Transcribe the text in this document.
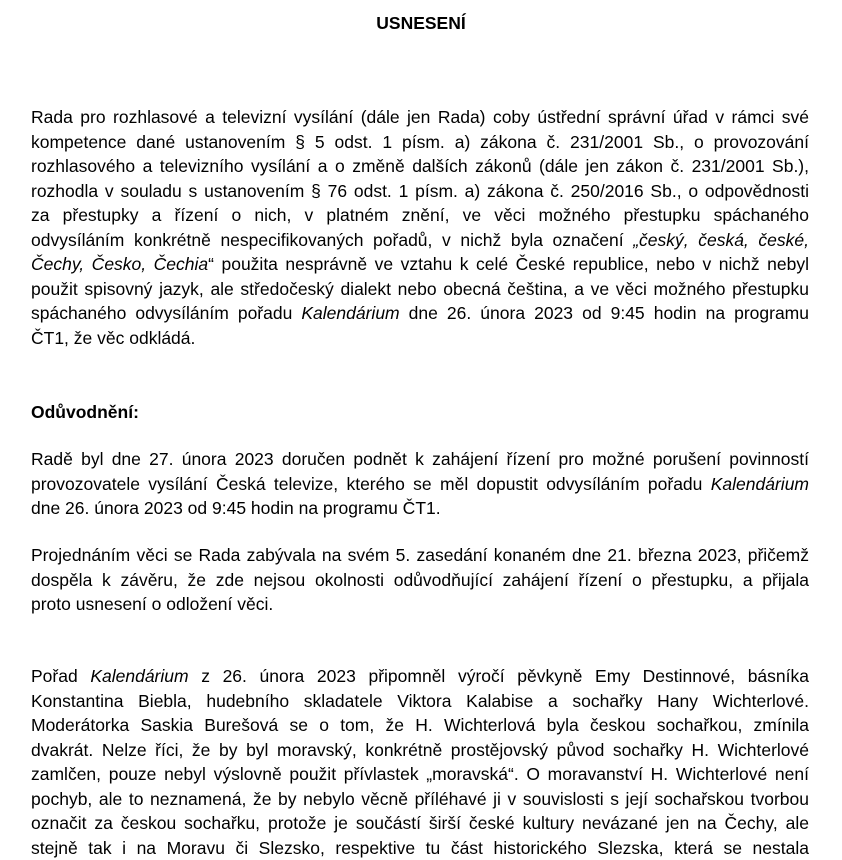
USNESENÍ
Rada pro rozhlasové a televizní vysílání (dále jen Rada) coby ústřední správní úřad v rámci své
kompetence dané ustanovením § 5 odst. 1 písm. a) zákona č. 231/2001 Sb., o provozování
rozhlasového a televizního vysílání a o změně dalších zákonů (dále jen zákon č. 231/2001 Sb.),
rozhodla v souladu s ustanovením § 76 odst. 1 písm. a) zákona č. 250/2016 Sb., o odpovědnosti
za přestupky a řízení o nich, v platném znění, ve věci možného přestupku spáchaného
odvysíláním konkrétně nespecifikovaných pořadů, v nichž byla označení „český, česká, české,
Čechy, Česko, Čechia“ použita nesprávně ve vztahu k celé České republice, nebo v nichž nebyl
použit spisovný jazyk, ale středočeský dialekt nebo obecná čeština, a ve věci možného přestupku
spáchaného odvysíláním pořadu Kalendárium dne 26. února 2023 od 9:45 hodin na programu
ČT1, že věc odkládá.
Odůvodnění:
Radě byl dne 27. února 2023 doručen podnět k zahájení řízení pro možné porušení povinností
provozovatele vysílání Česká televize, kterého se měl dopustit odvysíláním pořadu Kalendárium
dne 26. února 2023 od 9:45 hodin na programu ČT1.
Projednáním věci se Rada zabývala na svém 5. zasedání konaném dne 21. března 2023, přičemž
dospěla k závěru, že zde nejsou okolnosti odůvodňující zahájení řízení o přestupku, a přijala
proto usnesení o odložení věci.
Pořad Kalendárium z 26. února 2023 připomněl výročí pěvkyně Emy Destinnové, básníka
Konstantina Biebla, hudebního skladatele Viktora Kalabise a sochařky Hany Wichterlové.
Moderátorka Saskia Burešová se o tom, že H. Wichterlová byla českou sochařkou, zmínila
dvakrát. Nelze říci, že by byl moravský, konkrétně prostějovský původ sochařky H. Wichterlové
zamlčen, pouze nebyl výslovně použit přívlastek „moravská“. O moravanství H. Wichterlové není
pochyb, ale to neznamená, že by nebylo věcně příléhavé ji v souvislosti s její sochařskou tvorbou
označit za českou sochařku, protože je součástí širší české kultury nevázané jen na Čechy, ale
stejně tak i na Moravu či Slezsko, respektive tu část historického Slezska, která se nestala
